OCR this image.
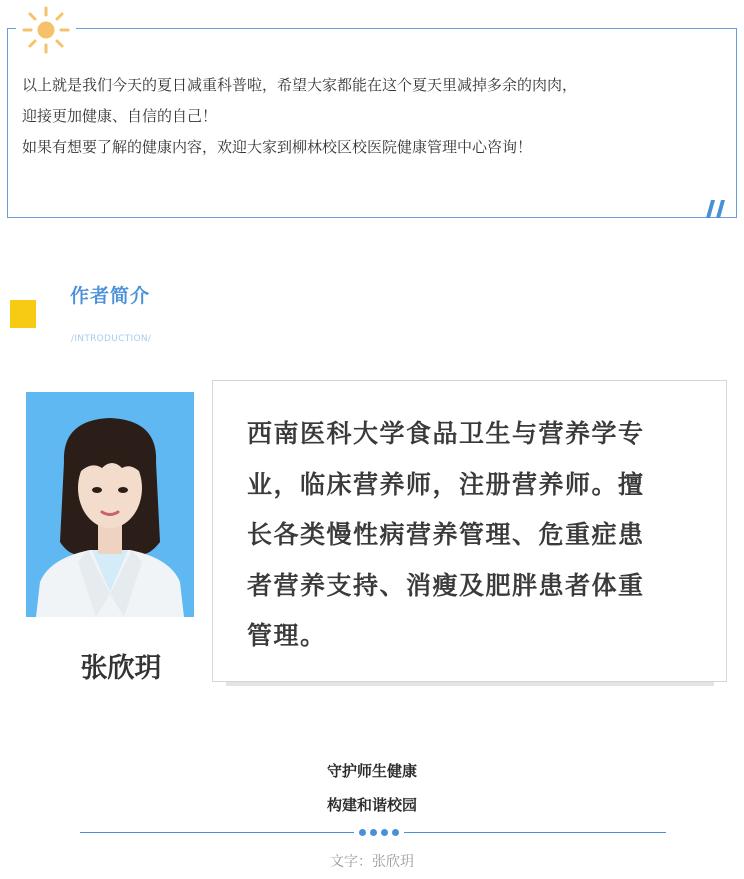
以上就是我们今天的夏日减重科普啦，希望大家都能在这个夏天里减掉多余的肉肉，
迎接更加健康、自信的自己！
如果有想要了解的健康内容，欢迎大家到柳林校区校医院健康管理中心咨询！
作者简介
/INTRODUCTION/
张欣玥
西南医科大学食品卫生与营养学专业，临床营养师，注册营养师。擅长各类慢性病营养管理、危重症患者营养支持、消瘦及肥胖患者体重管理。
守护师生健康
构建和谐校园
文字：张欣玥
